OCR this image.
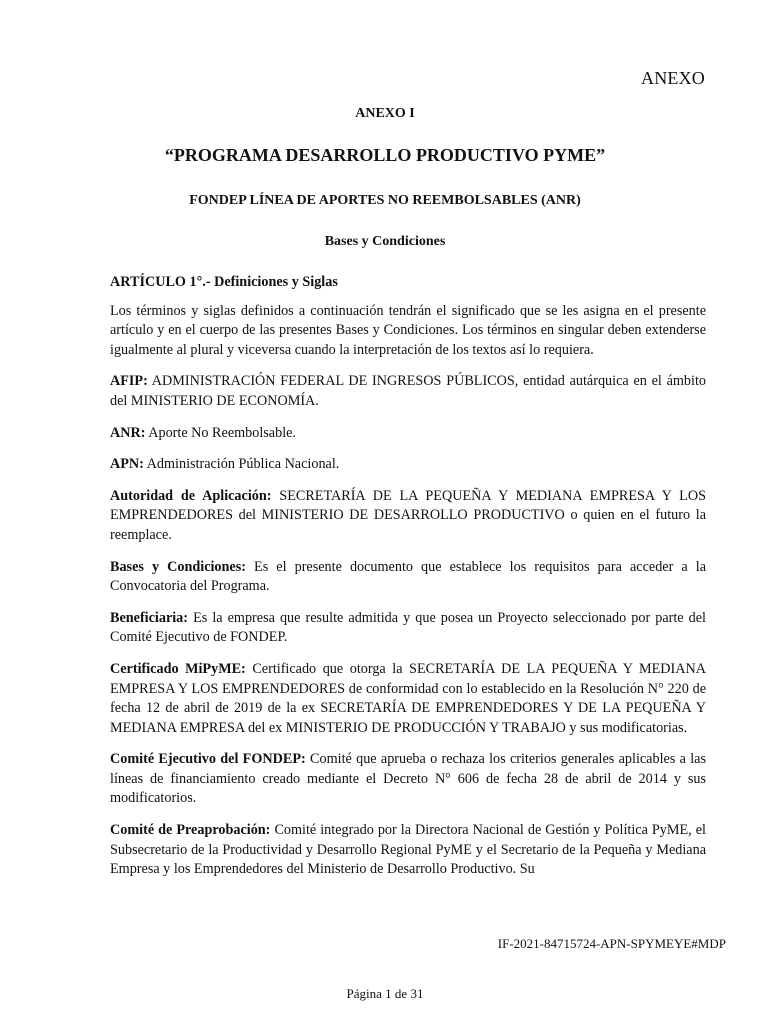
ANEXO
ANEXO I
“PROGRAMA DESARROLLO PRODUCTIVO PYME”
FONDEP LÍNEA DE APORTES NO REEMBOLSABLES (ANR)
Bases y Condiciones
ARTÍCULO 1°.- Definiciones y Siglas

Los términos y siglas definidos a continuación tendrán el significado que se les asigna en el presente artículo y en el cuerpo de las presentes Bases y Condiciones. Los términos en singular deben extenderse igualmente al plural y viceversa cuando la interpretación de los textos así lo requiera.

AFIP: ADMINISTRACIÓN FEDERAL DE INGRESOS PÚBLICOS, entidad autárquica en el ámbito del MINISTERIO DE ECONOMÍA.

ANR: Aporte No Reembolsable.

APN: Administración Pública Nacional.

Autoridad de Aplicación: SECRETARÍA DE LA PEQUEÑA Y MEDIANA EMPRESA Y LOS EMPRENDEDORES del MINISTERIO DE DESARROLLO PRODUCTIVO o quien en el futuro la reemplace.

Bases y Condiciones: Es el presente documento que establece los requisitos para acceder a la Convocatoria del Programa.

Beneficiaria: Es la empresa que resulte admitida y que posea un Proyecto seleccionado por parte del Comité Ejecutivo de FONDEP.

Certificado MiPyME: Certificado que otorga la SECRETARÍA DE LA PEQUEÑA Y MEDIANA EMPRESA Y LOS EMPRENDEDORES de conformidad con lo establecido en la Resolución N° 220 de fecha 12 de abril de 2019 de la ex SECRETARÍA DE EMPRENDEDORES Y DE LA PEQUEÑA Y MEDIANA EMPRESA del ex MINISTERIO DE PRODUCCIÓN Y TRABAJO y sus modificatorias.

Comité Ejecutivo del FONDEP: Comité que aprueba o rechaza los criterios generales aplicables a las líneas de financiamiento creado mediante el Decreto N° 606 de fecha 28 de abril de 2014 y sus modificatorios.

Comité de Preaprobación: Comité integrado por la Directora Nacional de Gestión y Política PyME, el Subsecretario de la Productividad y Desarrollo Regional PyME y el Secretario de la Pequeña y Mediana Empresa y los Emprendedores del Ministerio de Desarrollo Productivo. Su

IF-2021-84715724-APN-SPYMEYE#MDP
Página 1 de 31
